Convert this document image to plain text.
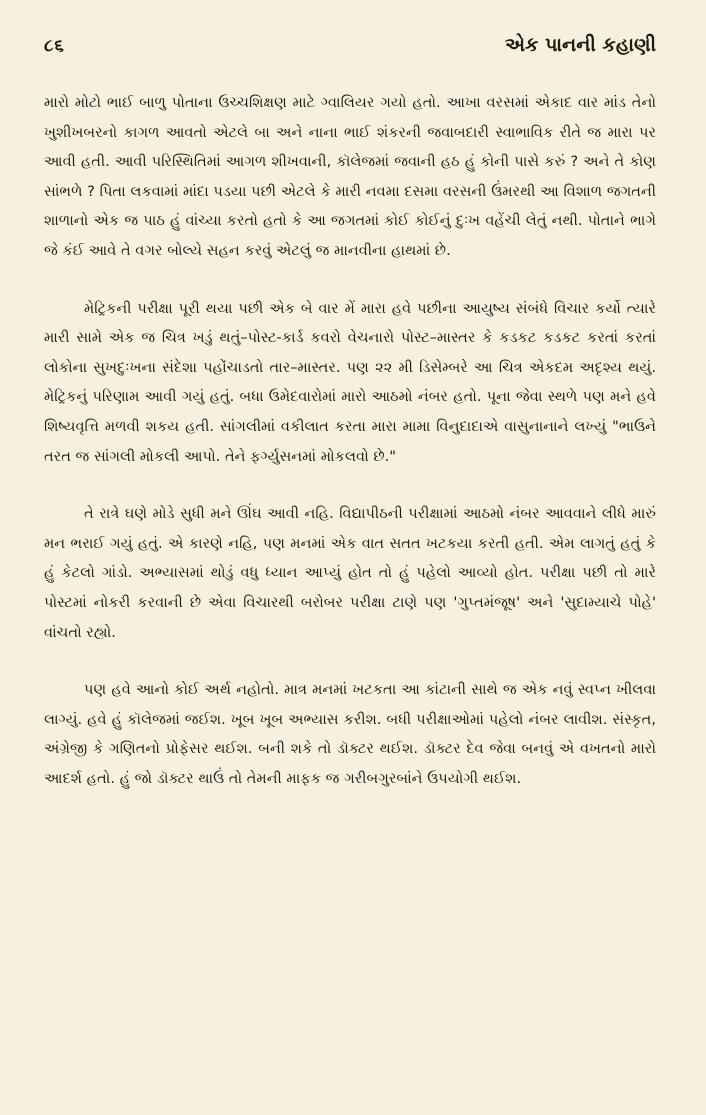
૮૬	એક પાનની કહાણી

મારો મોટો ભાઈ બાળુ પોતાના ઉચ્ચશિક્ષણ માટે ગ્વાલિયર ગયો હતો. આખા વરસમાં એકાદ વાર માંડ તેનો ખુશીખબરનો કાગળ આવતો એટલે બા અને નાના ભાઈ શંકરની જવાબદારી સ્વાભાવિક રીતે જ મારા પર આવી હતી. આવી પરિસ્થિતિમાં આગળ શીખવાની, કૉલેજમાં જવાની હઠ હું કોની પાસે કરું ? અને તે કોણ સાંભળે ? પિતા લકવામાં માંદા પડયા પછી એટલે કે મારી નવમા દસમા વરસની ઉંમરથી આ વિશાળ જગતની શાળાનો એક જ પાઠ હું વાંચ્યા કરતો હતો કે આ જગતમાં કોઈ કોઈનું દુઃખ વહેંચી લેતું નથી. પોતાને ભાગે જે કંઈ આવે તે વગર બોલ્યે સહન કરવું એટલું જ માનવીના હાથમાં છે.

મેટ્રિકની પરીક્ષા પૂરી થયા પછી એક બે વાર મેં મારા હવે પછીના આયુષ્ય સંબંધે વિચાર કર્યો ત્યારે મારી સામે એક જ ચિત્ર ખડું થતું–પોસ્ટ-કાર્ડ કવરો વેચનારો પોસ્ટ–માસ્તર કે કડકટ કડકટ કરતાં કરતાં લોકોના સુખદુઃખના સંદેશા પહોંચાડતો તાર–માસ્તર. પણ ૨૨ મી ડિસેમ્બરે આ ચિત્ર એકદમ અદૃશ્ય થયું. મેટ્રિકનું પરિણામ આવી ગયું હતું. બધા ઉમેદવારોમાં મારો આઠમો નંબર હતો. પૂના જેવા સ્થળે પણ મને હવે શિષ્યવૃત્તિ મળવી શકય હતી. સાંગલીમાં વકીલાત કરતા મારા મામા વિનુદાદાએ વાસુનાનાને લખ્યું "ભાઉને તરત જ સાંગલી મોકલી આપો. તેને ફર્ગ્યુસનમાં મોકલવો છે."

તે રાત્રે ઘણે મોડે સુધી મને ઊંઘ આવી નહિ. વિદ્યાપીઠની પરીક્ષામાં આઠમો નંબર આવવાને લીધે મારું મન ભરાઈ ગયું હતું. એ કારણે નહિ, પણ મનમાં એક વાત સતત ખટકયા કરતી હતી. એમ લાગતું હતું કે હું કેટલો ગાંડો. અભ્યાસમાં થોડું વધુ ધ્યાન આપ્યું હોત તો હું પહેલો આવ્યો હોત. પરીક્ષા પછી તો મારે પોસ્ટમાં નોકરી કરવાની છે એવા વિચારથી બરોબર પરીક્ષા ટાણે પણ 'ગુપ્તમંજૂષ' અને 'સુદામ્યાચે પોહે' વાંચતો રહ્યો.

પણ હવે આનો કોઈ અર્થ નહોતો. માત્ર મનમાં ખટકતા આ કાંટાની સાથે જ એક નવું સ્વપ્ન ખીલવા લાગ્યું. હવે હું કૉલેજમાં જઈશ. ખૂબ ખૂબ અભ્યાસ કરીશ. બધી પરીક્ષાઓમાં પહેલો નંબર લાવીશ. સંસ્કૃત, અંગ્રેજી કે ગણિતનો પ્રોફેસર થઈશ. બની શકે તો ડૉક્ટર થઈશ. ડૉક્ટર દેવ જેવા બનવું એ વખતનો મારો આદર્શ હતો. હું જો ડૉક્ટર થાઉં તો તેમની માફક જ ગરીબગુરબાંને ઉપયોગી થઈશ.
